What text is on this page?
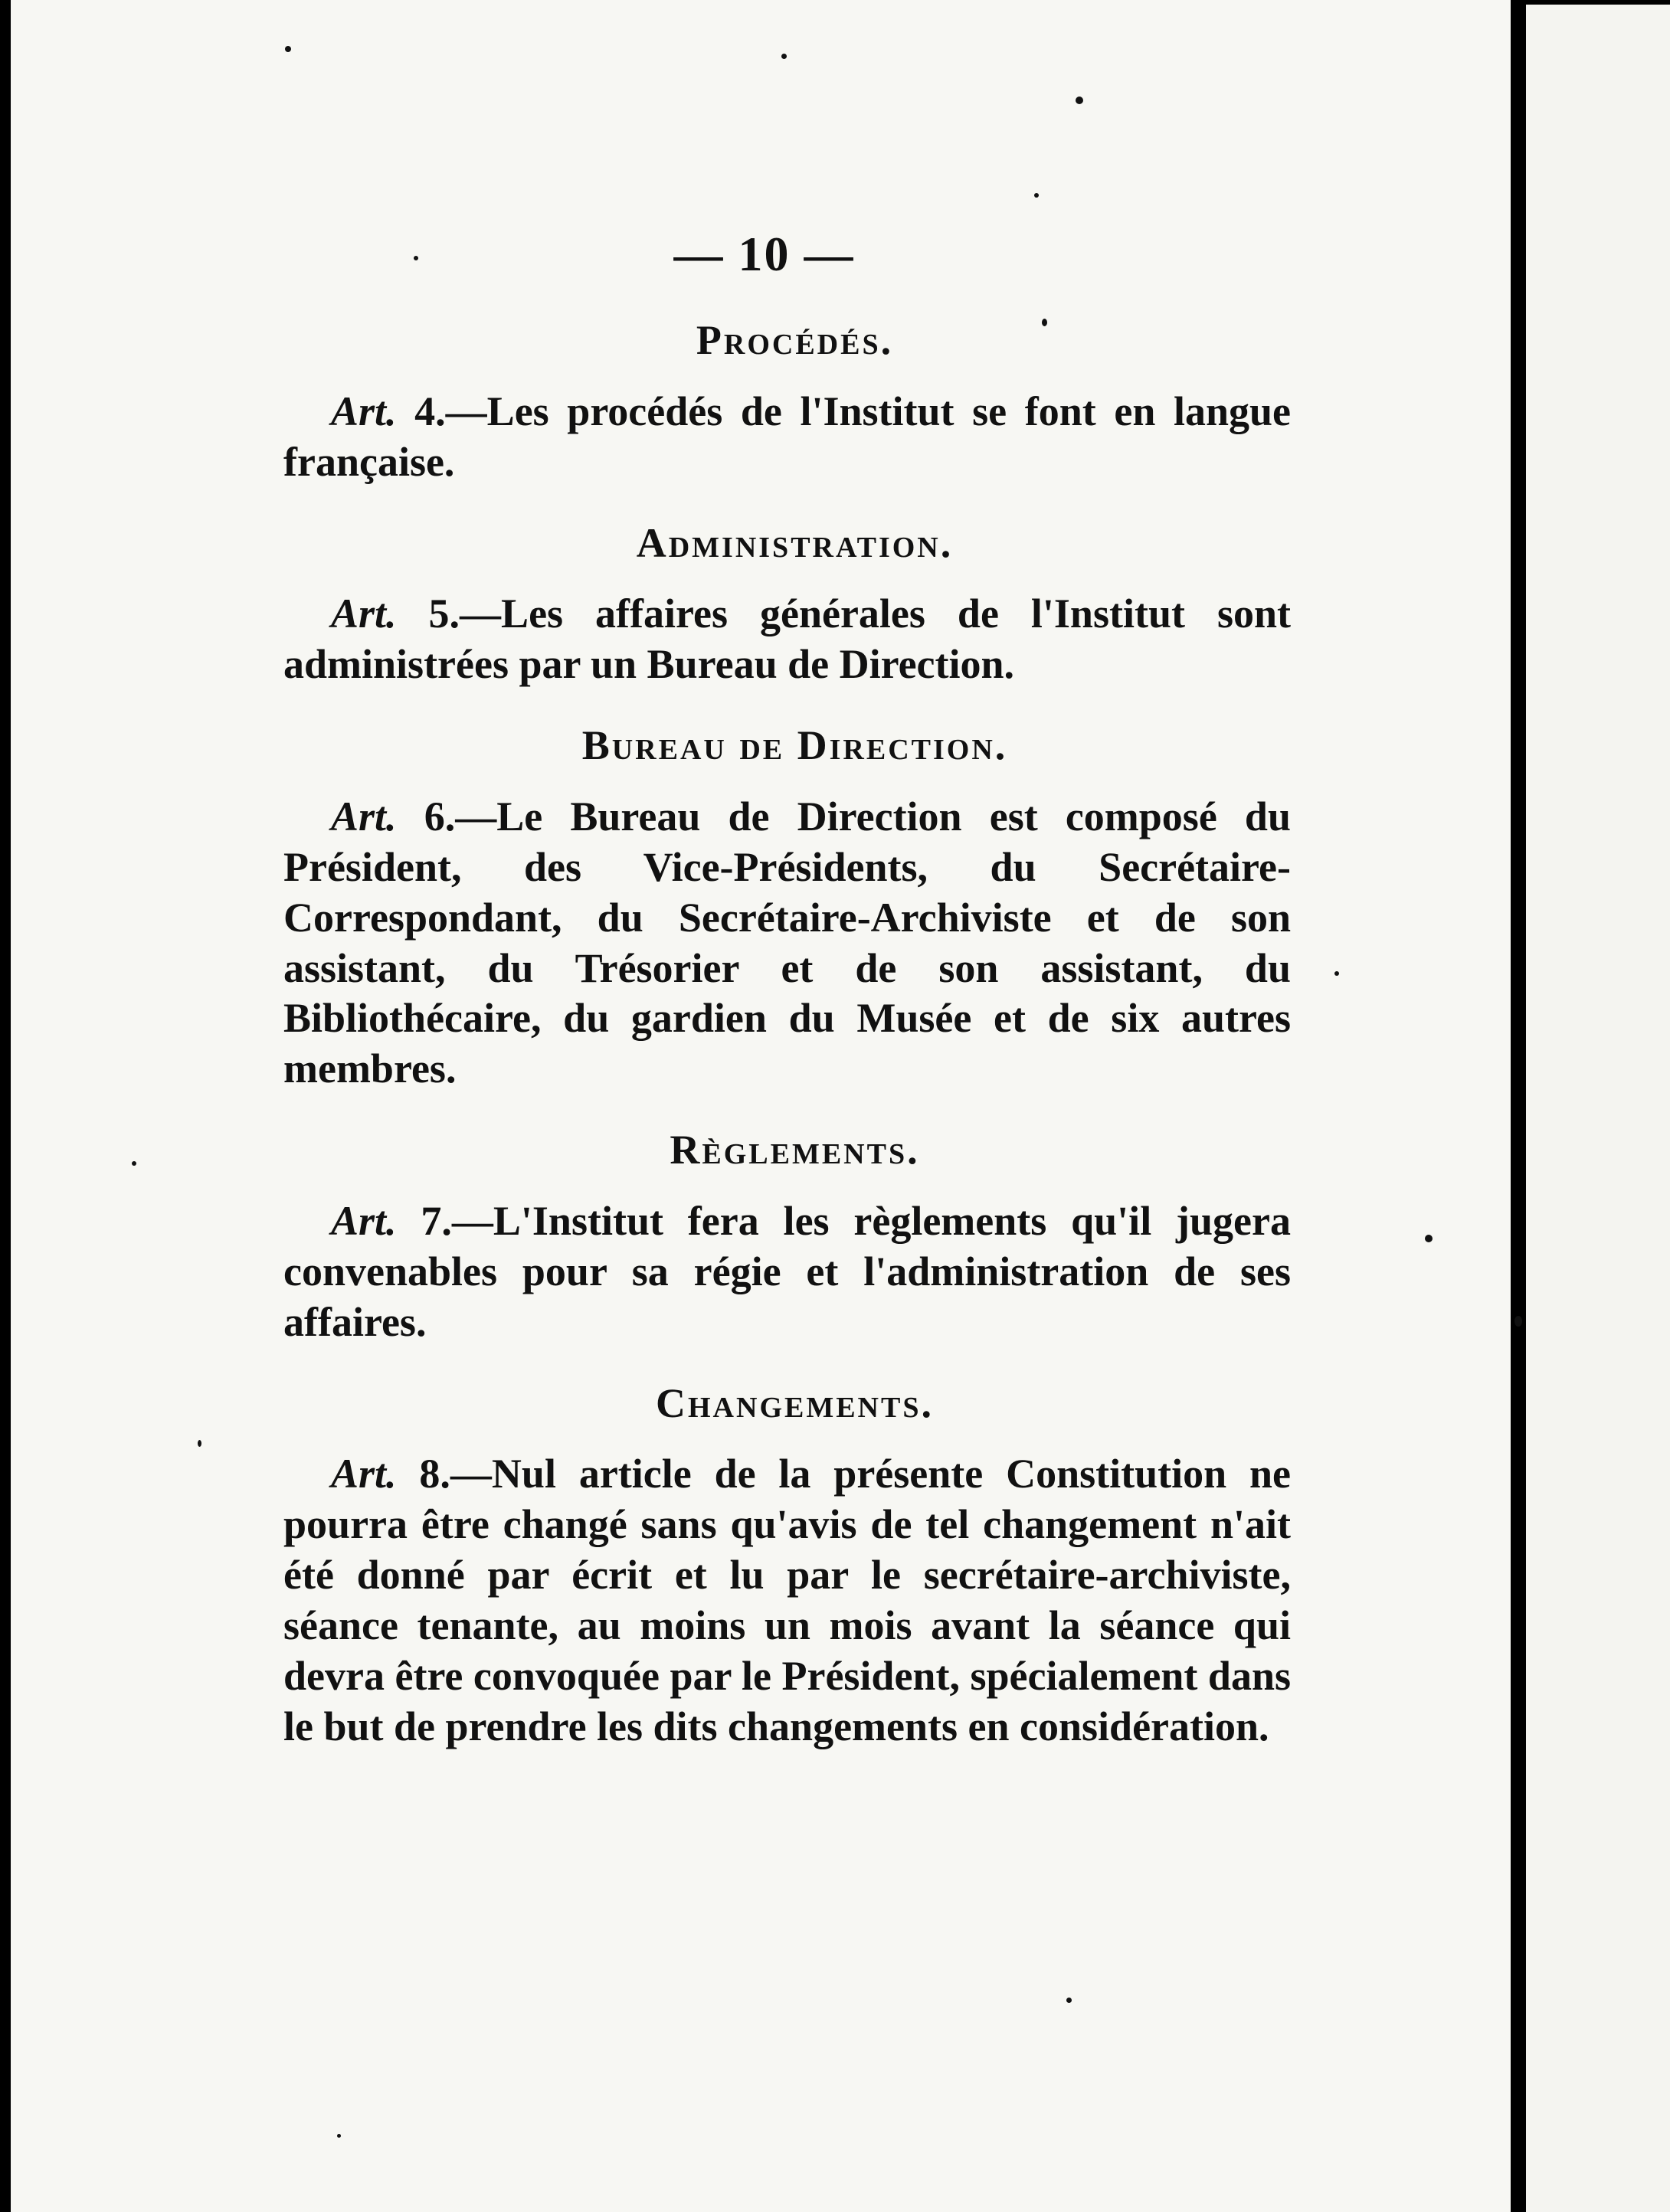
— 10 —
Procédés.

Art. 4.—Les procédés de l'Institut se font en langue française.

Administration.

Art. 5.—Les affaires générales de l'Institut sont administrées par un Bureau de Direction.

Bureau de Direction.

Art. 6.—Le Bureau de Direction est composé du Président, des Vice-Présidents, du Secrétaire-Correspondant, du Secrétaire-Archiviste et de son assistant, du Trésorier et de son assistant, du Bibliothécaire, du gardien du Musée et de six autres membres.

Règlements.

Art. 7.—L'Institut fera les règlements qu'il jugera convenables pour sa régie et l'administration de ses affaires.

Changements.

Art. 8.—Nul article de la présente Constitution ne pourra être changé sans qu'avis de tel changement n'ait été donné par écrit et lu par le secrétaire-archiviste, séance tenante, au moins un mois avant la séance qui devra être convoquée par le Président, spécialement dans le but de prendre les dits changements en considération.
